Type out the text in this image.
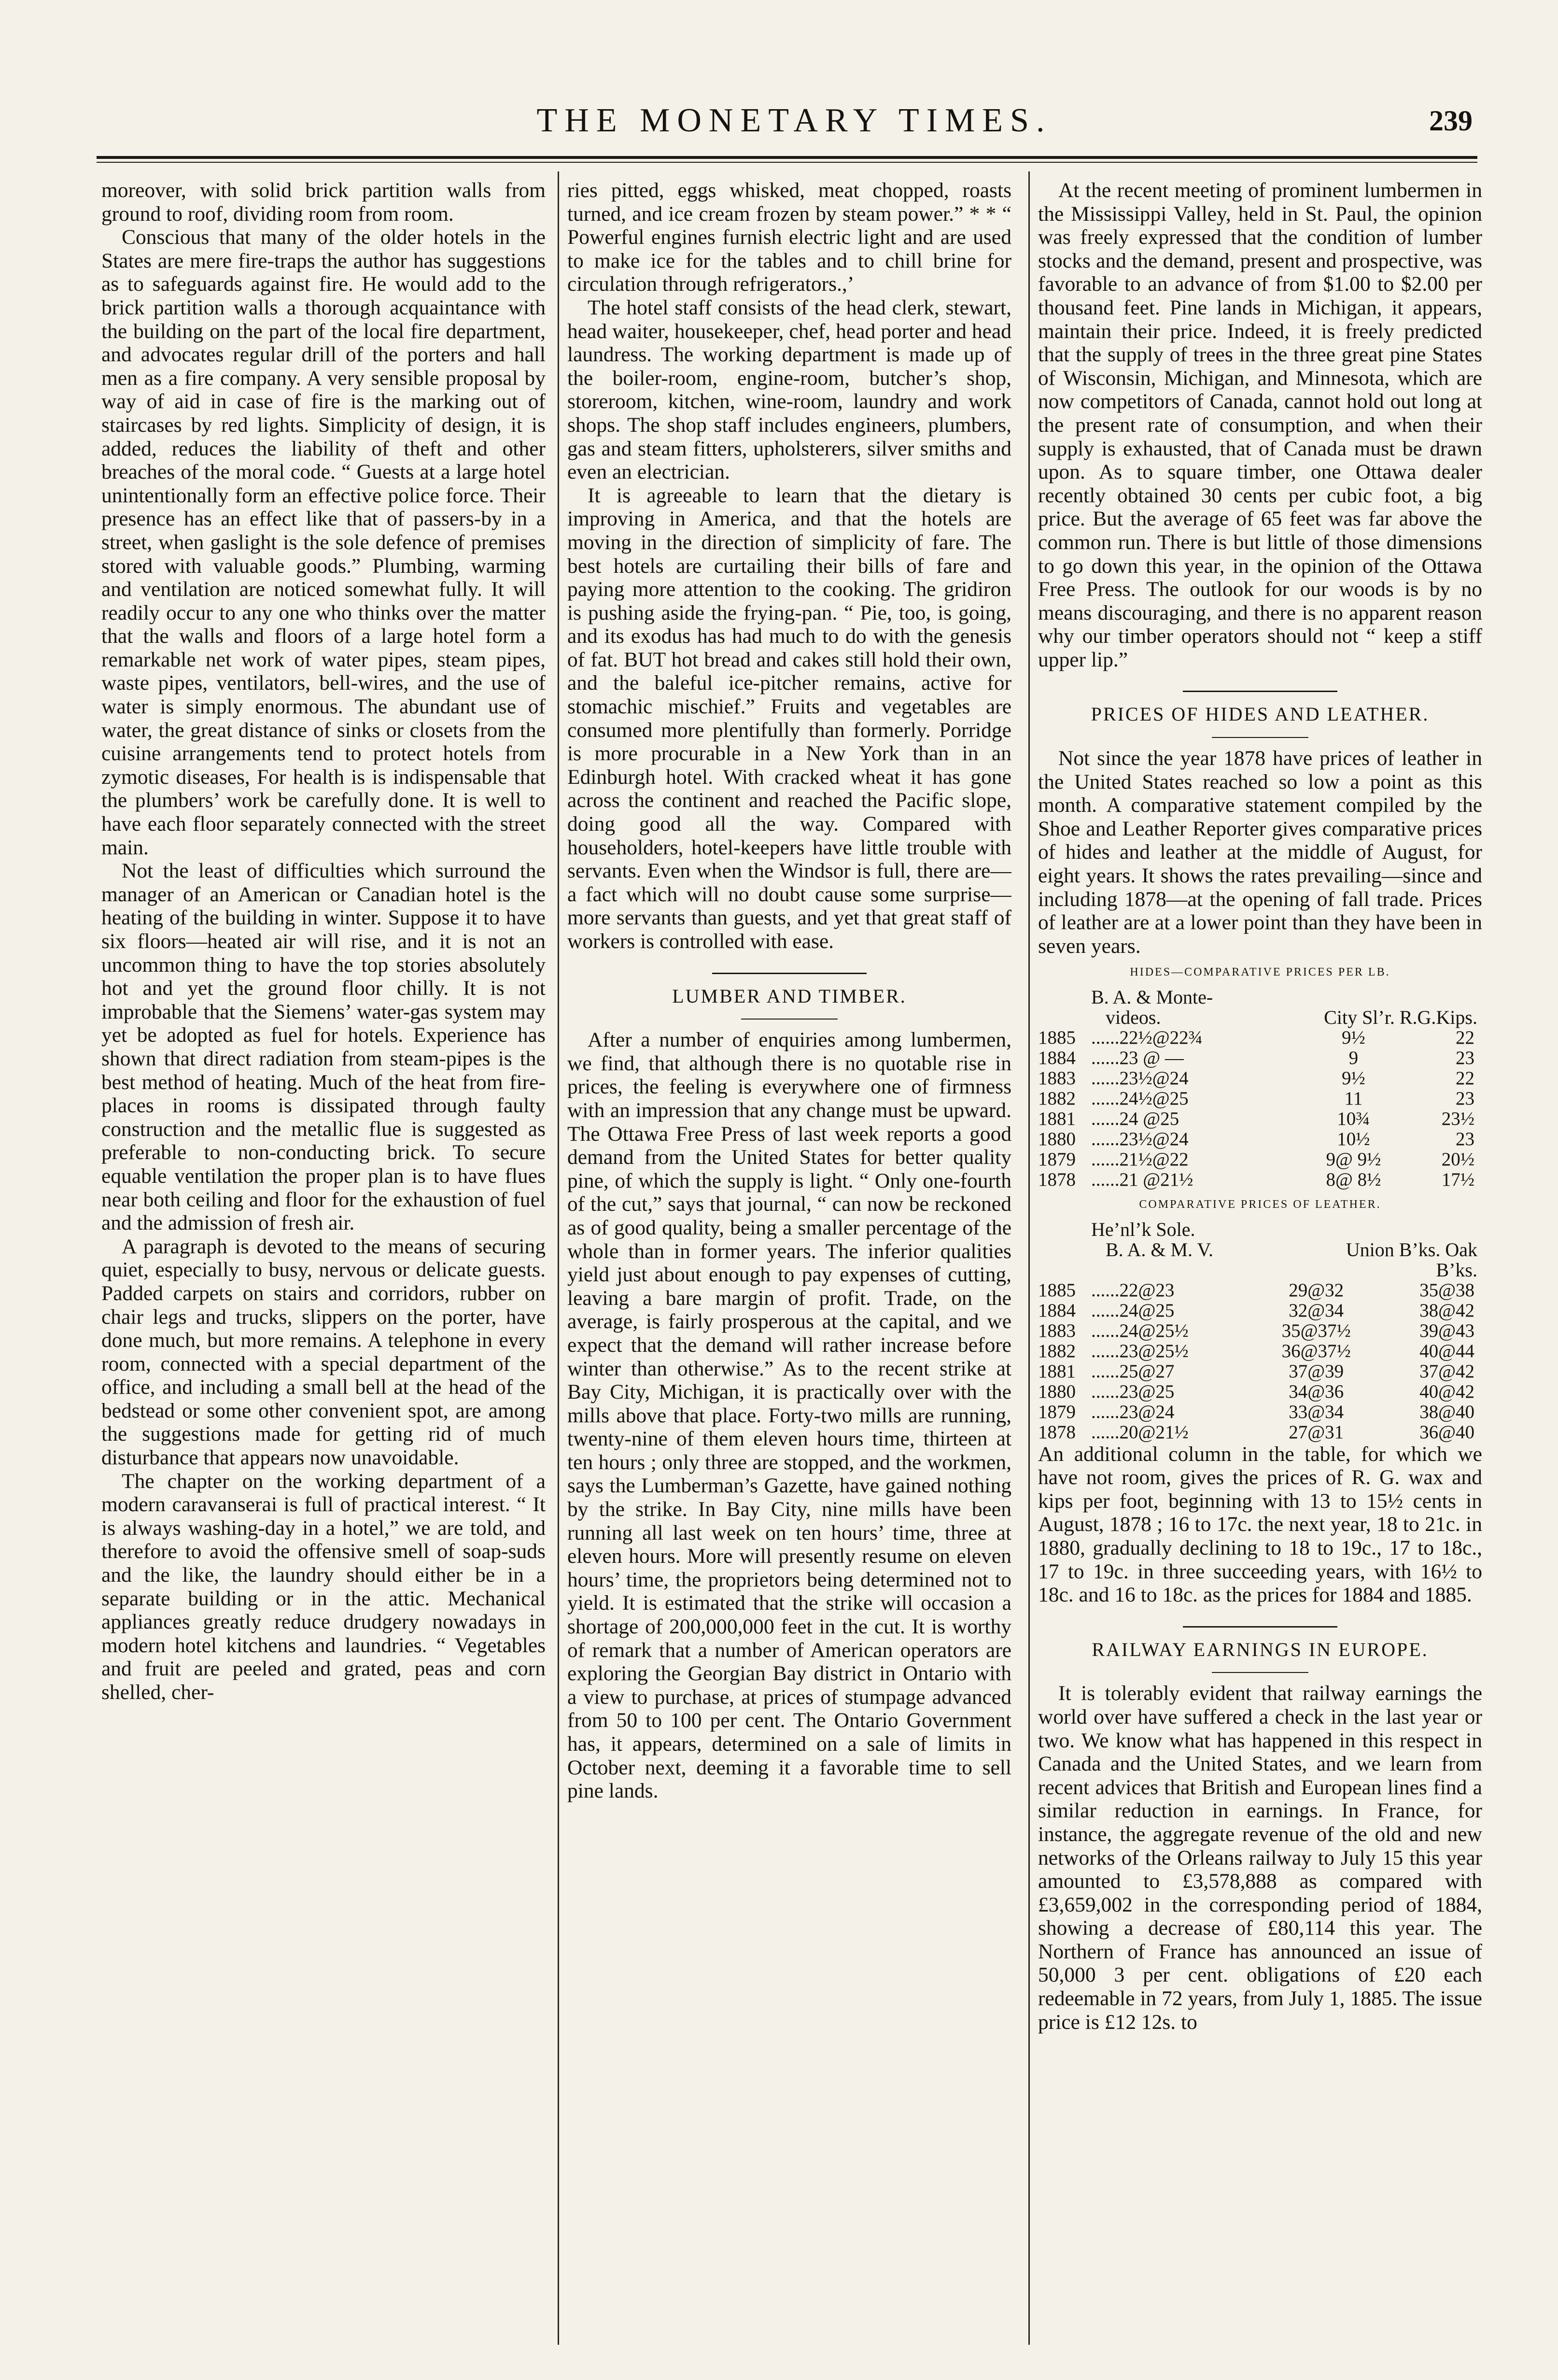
THE MONETARY TIMES.	239

moreover, with solid brick partition walls from ground to roof, dividing room from room.

Conscious that many of the older hotels in the States are mere fire-traps the author has suggestions as to safeguards against fire. He would add to the brick partition walls a thorough acquaintance with the building on the part of the local fire department, and advocates regular drill of the porters and hall men as a fire company. A very sensible proposal by way of aid in case of fire is the marking out of staircases by red lights. Simplicity of design, it is added, reduces the liability of theft and other breaches of the moral code. “ Guests at a large hotel unintentionally form an effective police force. Their presence has an effect like that of passers-by in a street, when gaslight is the sole defence of premises stored with valuable goods.” Plumbing, warming and ventilation are noticed somewhat fully. It will readily occur to any one who thinks over the matter that the walls and floors of a large hotel form a remarkable net work of water pipes, steam pipes, waste pipes, ventilators, bell-wires, and the use of water is simply enormous. The abundant use of water, the great distance of sinks or closets from the cuisine arrangements tend to protect hotels from zymotic diseases, For health is is indispensable that the plumbers’ work be carefully done. It is well to have each floor separately connected with the street main.

Not the least of difficulties which surround the manager of an American or Canadian hotel is the heating of the building in winter. Suppose it to have six floors—heated air will rise, and it is not an uncommon thing to have the top stories absolutely hot and yet the ground floor chilly. It is not improbable that the Siemens’ water-gas system may yet be adopted as fuel for hotels. Experience has shown that direct radiation from steam-pipes is the best method of heating. Much of the heat from fire-places in rooms is dissipated through faulty construction and the metallic flue is suggested as preferable to non-conducting brick. To secure equable ventilation the proper plan is to have flues near both ceiling and floor for the exhaustion of fuel and the admission of fresh air.

A paragraph is devoted to the means of securing quiet, especially to busy, nervous or delicate guests. Padded carpets on stairs and corridors, rubber on chair legs and trucks, slippers on the porter, have done much, but more remains. A telephone in every room, connected with a special department of the office, and including a small bell at the head of the bedstead or some other convenient spot, are among the suggestions made for getting rid of much disturbance that appears now unavoidable.

The chapter on the working department of a modern caravanserai is full of practical interest. “ It is always washing-day in a hotel,” we are told, and therefore to avoid the offensive smell of soap-suds and the like, the laundry should either be in a separate building or in the attic. Mechanical appliances greatly reduce drudgery nowadays in modern hotel kitchens and laundries. “ Vegetables and fruit are peeled and grated, peas and corn shelled, cher-

ries pitted, eggs whisked, meat chopped, roasts turned, and ice cream frozen by steam power.” * * “ Powerful engines furnish electric light and are used to make ice for the tables and to chill brine for circulation through refrigerators.,’

The hotel staff consists of the head clerk, stewart, head waiter, housekeeper, chef, head porter and head laundress. The working department is made up of the boiler-room, engine-room, butcher’s shop, storeroom, kitchen, wine-room, laundry and work shops. The shop staff includes engineers, plumbers, gas and steam fitters, upholsterers, silver smiths and even an electrician.

It is agreeable to learn that the dietary is improving in America, and that the hotels are moving in the direction of simplicity of fare. The best hotels are curtailing their bills of fare and paying more attention to the cooking. The gridiron is pushing aside the frying-pan. “ Pie, too, is going, and its exodus has had much to do with the genesis of fat. BUT hot bread and cakes still hold their own, and the baleful ice-pitcher remains, active for stomachic mischief.” Fruits and vegetables are consumed more plentifully than formerly. Porridge is more procurable in a New York than in an Edinburgh hotel. With cracked wheat it has gone across the continent and reached the Pacific slope, doing good all the way. Compared with householders, hotel-keepers have little trouble with servants. Even when the Windsor is full, there are—a fact which will no doubt cause some surprise—more servants than guests, and yet that great staff of workers is controlled with ease.

LUMBER AND TIMBER.

After a number of enquiries among lumbermen, we find, that although there is no quotable rise in prices, the feeling is everywhere one of firmness with an impression that any change must be upward. The Ottawa Free Press of last week reports a good demand from the United States for better quality pine, of which the supply is light. “ Only one-fourth of the cut,” says that journal, “ can now be reckoned as of good quality, being a smaller percentage of the whole than in former years. The inferior qualities yield just about enough to pay expenses of cutting, leaving a bare margin of profit. Trade, on the average, is fairly prosperous at the capital, and we expect that the demand will rather increase before winter than otherwise.” As to the recent strike at Bay City, Michigan, it is practically over with the mills above that place. Forty-two mills are running, twenty-nine of them eleven hours time, thirteen at ten hours ; only three are stopped, and the workmen, says the Lumberman’s Gazette, have gained nothing by the strike. In Bay City, nine mills have been running all last week on ten hours’ time, three at eleven hours. More will presently resume on eleven hours’ time, the proprietors being determined not to yield. It is estimated that the strike will occasion a shortage of 200,000,000 feet in the cut. It is worthy of remark that a number of American operators are exploring the Georgian Bay district in Ontario with a view to purchase, at prices of stumpage advanced from 50 to 100 per cent. The Ontario Government has, it appears, determined on a sale of limits in October next, deeming it a favorable time to sell pine lands.

At the recent meeting of prominent lumbermen in the Mississippi Valley, held in St. Paul, the opinion was freely expressed that the condition of lumber stocks and the demand, present and prospective, was favorable to an advance of from $1.00 to $2.00 per thousand feet. Pine lands in Michigan, it appears, maintain their price. Indeed, it is freely predicted that the supply of trees in the three great pine States of Wisconsin, Michigan, and Minnesota, which are now competitors of Canada, cannot hold out long at the present rate of consumption, and when their supply is exhausted, that of Canada must be drawn upon. As to square timber, one Ottawa dealer recently obtained 30 cents per cubic foot, a big price. But the average of 65 feet was far above the common run. There is but little of those dimensions to go down this year, in the opinion of the Ottawa Free Press. The outlook for our woods is by no means discouraging, and there is no apparent reason why our timber operators should not “ keep a stiff upper lip.”

PRICES OF HIDES AND LEATHER.

Not since the year 1878 have prices of leather in the United States reached so low a point as this month. A comparative statement compiled by the Shoe and Leather Reporter gives comparative prices of hides and leather at the middle of August, for eight years. It shows the rates prevailing—since and including 1878—at the opening of fall trade. Prices of leather are at a lower point than they have been in seven years.

HIDES—COMPARATIVE PRICES PER LB.
B. A. & Monte-
videos.	City Sl’r. R.G.Kips.
1885	......22½@22¾	9½	22
1884	......23 @ —	9	23
1883	......23½@24	9½	22
1882	......24½@25	11	23
1881	......24 @25	10¾	23½
1880	......23½@24	10½	23
1879	......21½@22	9@ 9½	20½
1878	......21 @21½	8@ 8½	17½
COMPARATIVE PRICES OF LEATHER.
He’nl’k Sole.
B. A. & M. V.	Union B’ks. Oak B’ks.
1885	......22@23	29@32	35@38
1884	......24@25	32@34	38@42
1883	......24@25½	35@37½	39@43
1882	......23@25½	36@37½	40@44
1881	......25@27	37@39	37@42
1880	......23@25	34@36	40@42
1879	......23@24	33@34	38@40
1878	......20@21½	27@31	36@40

An additional column in the table, for which we have not room, gives the prices of R. G. wax and kips per foot, beginning with 13 to 15½ cents in August, 1878 ; 16 to 17c. the next year, 18 to 21c. in 1880, gradually declining to 18 to 19c., 17 to 18c., 17 to 19c. in three succeeding years, with 16½ to 18c. and 16 to 18c. as the prices for 1884 and 1885.

RAILWAY EARNINGS IN EUROPE.

It is tolerably evident that railway earnings the world over have suffered a check in the last year or two. We know what has happened in this respect in Canada and the United States, and we learn from recent advices that British and European lines find a similar reduction in earnings. In France, for instance, the aggregate revenue of the old and new networks of the Orleans railway to July 15 this year amounted to £3,578,888 as compared with £3,659,002 in the corresponding period of 1884, showing a decrease of £80,114 this year. The Northern of France has announced an issue of 50,000 3 per cent. obligations of £20 each redeemable in 72 years, from July 1, 1885. The issue price is £12 12s. to
